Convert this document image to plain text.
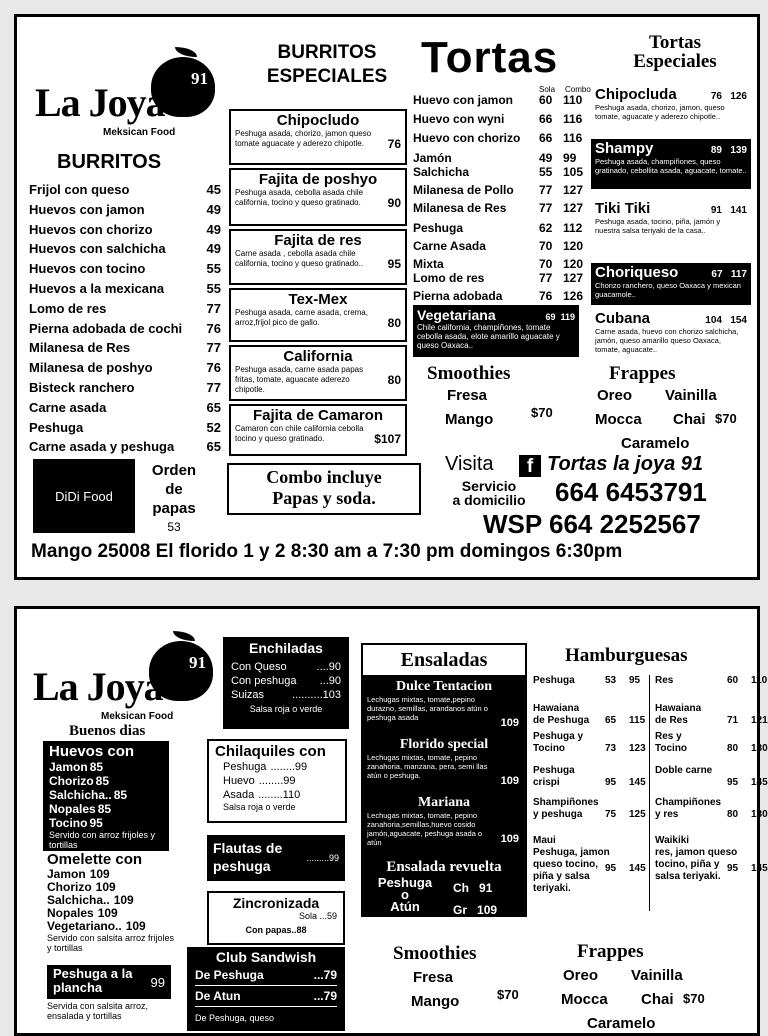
91
La Joya
Meksican Food
BURRITOS
Frijol con queso	45
Huevos con jamon	49
Huevos con chorizo	49
Huevos con salchicha	49
Huevos con tocino	55
Huevos a la mexicana	55
Lomo de res	77
Pierna adobada de cochi 76
Milanesa de Res	77
Milanesa de poshyo	76
Bisteck ranchero	77
Carne asada	65
Peshuga	52
Carne asada y peshuga 65
DiDi Food
Orden
de
papas
53
BURRITOS
ESPECIALES
Chipocludo
Peshuga asada, chorizo, jamon queso tomate aguacate y aderezo chipotle.	76
Fajita de poshyo
Peshuga asada, cebolla asada chile california, tocino y queso gratinado.	90
Fajita de res
Carne asada , cebolla asada chile california, tocino y queso gratinado..	95
Tex-Mex
Peshuga asada, carne asada, crema, arroz,frijol pico de gallo.	80
California
Peshuga asada, carne asada papas fritas, tomate, aguacate aderezo chipotle.
80
Fajita de Camaron
Camaron con chile california cebolla tocino y queso gratinado.	$107
Combo incluye
Papas y soda.
Tortas
Sola Combo
Huevo con jamon 60 110
Huevo con wyni	66 116
Huevo con chorizo 66 116
Jamón	49 99
Salchicha	55 105
Milanesa de Pollo 77 127
Milanesa de Res	77 127
Peshuga	62 112
Carne Asada	70 120
Mixta	70 120
Lomo de res	77 127
Pierna adobada	76 126
Vegetariana	69 119
Chile california, champiñones, tomate cebolla asada, elote amarillo aguacate y queso Oaxaca..
Tortas
Especiales
Chipocluda	76 126
Peshuga asada, chorizo, jamon, queso tomate, aguacate y aderezo chipotle..
Shampy	89 139
Peshuga asada, champiñones, queso gratinado, cebollita asada, aguacate, tomate..
Tiki Tiki	91 141
Peshuga asada, tocino, piña, jamón y nuestra salsa teriyaki de la casa..
Choriqueso	67 117
Chorizo ranchero, queso Oaxaca y mexican guacamole..
Cubana	104 154
Carne asada, huevo con chorizo salchicha, jamón, queso amarillo queso Oaxaca, tomate, aguacate..
Smoothies
Fresa
Mango	$70
Frappes
Oreo Vainilla
Mocca Chai $70
Caramelo
Visita	f Tortas la joya 91
Servicio
a domicilio	664 6453791
WSP 664 2252567
Mango 25008 El florido 1 y 2 8:30 am a 7:30 pm domingos 6:30pm
91
La Joya
Meksican Food
Buenos dias
Huevos con
Jamon 85
Chorizo 85
Salchicha.. 85
Nopales 85
Tocino 95
Servido con arroz frijoles y tortillas
Omelette con
Jamon 109
Chorizo 109
Salchicha.. 109
Nopales 109
Vegetariano.. 109
Servido con salsita arroz frijoles y tortillas
Peshuga a la plancha	99
Servida con salsita arroz, ensalada y tortillas
Enchiladas
Con Queso	....90
Con peshuga ...90
Suizas	..........103
Salsa roja o verde
Chilaquiles con
Peshuga ........99
Huevo ........99
Asada ........110
Salsa roja o verde
Flautas de peshuga	.........99
Zincronizada
Sola ...59
Con papas..88
Club Sandwish
De Peshuga	...79
De Atun	...79
De Peshuga, queso
Ensaladas
Dulce Tentacion
Lechugas mixtas, tomate,pepino durazno, semillas, arandanos atún o peshuga asada	109
Florido special
Lechugas mixtas, tomate, pepino zanahoria, manzana, pera, semi llas atún o peshuga.	109
Mariana
Lechugas mixtas, tomate, pepino zanahoria,semillas,huevo cosido jamón,aguacate, peshuga asada o atún	109
Ensalada revuelta
Peshuga
o
Atún
Ch 91
Gr 109
Hamburguesas
Peshuga	53 95
Hawaiana de Peshuga	65 115
Peshuga y Tocino	73 123
Peshuga crispi	95 145
Shampiñones y peshuga	75 125
Maui
Peshuga, jamon queso tocino, piña y salsa teriyaki.
95 145
Res	60 110
Hawaiana de Res	71 121
Res y Tocino	80 130
Doble carne
95 145
Champiñones y res	80 130
Waikiki
res, jamon queso tocino, piña y salsa teriyaki.
95 145
Smoothies
Fresa
Mango	$70
Frappes
Oreo Vainilla
Mocca Chai $70
Caramelo
